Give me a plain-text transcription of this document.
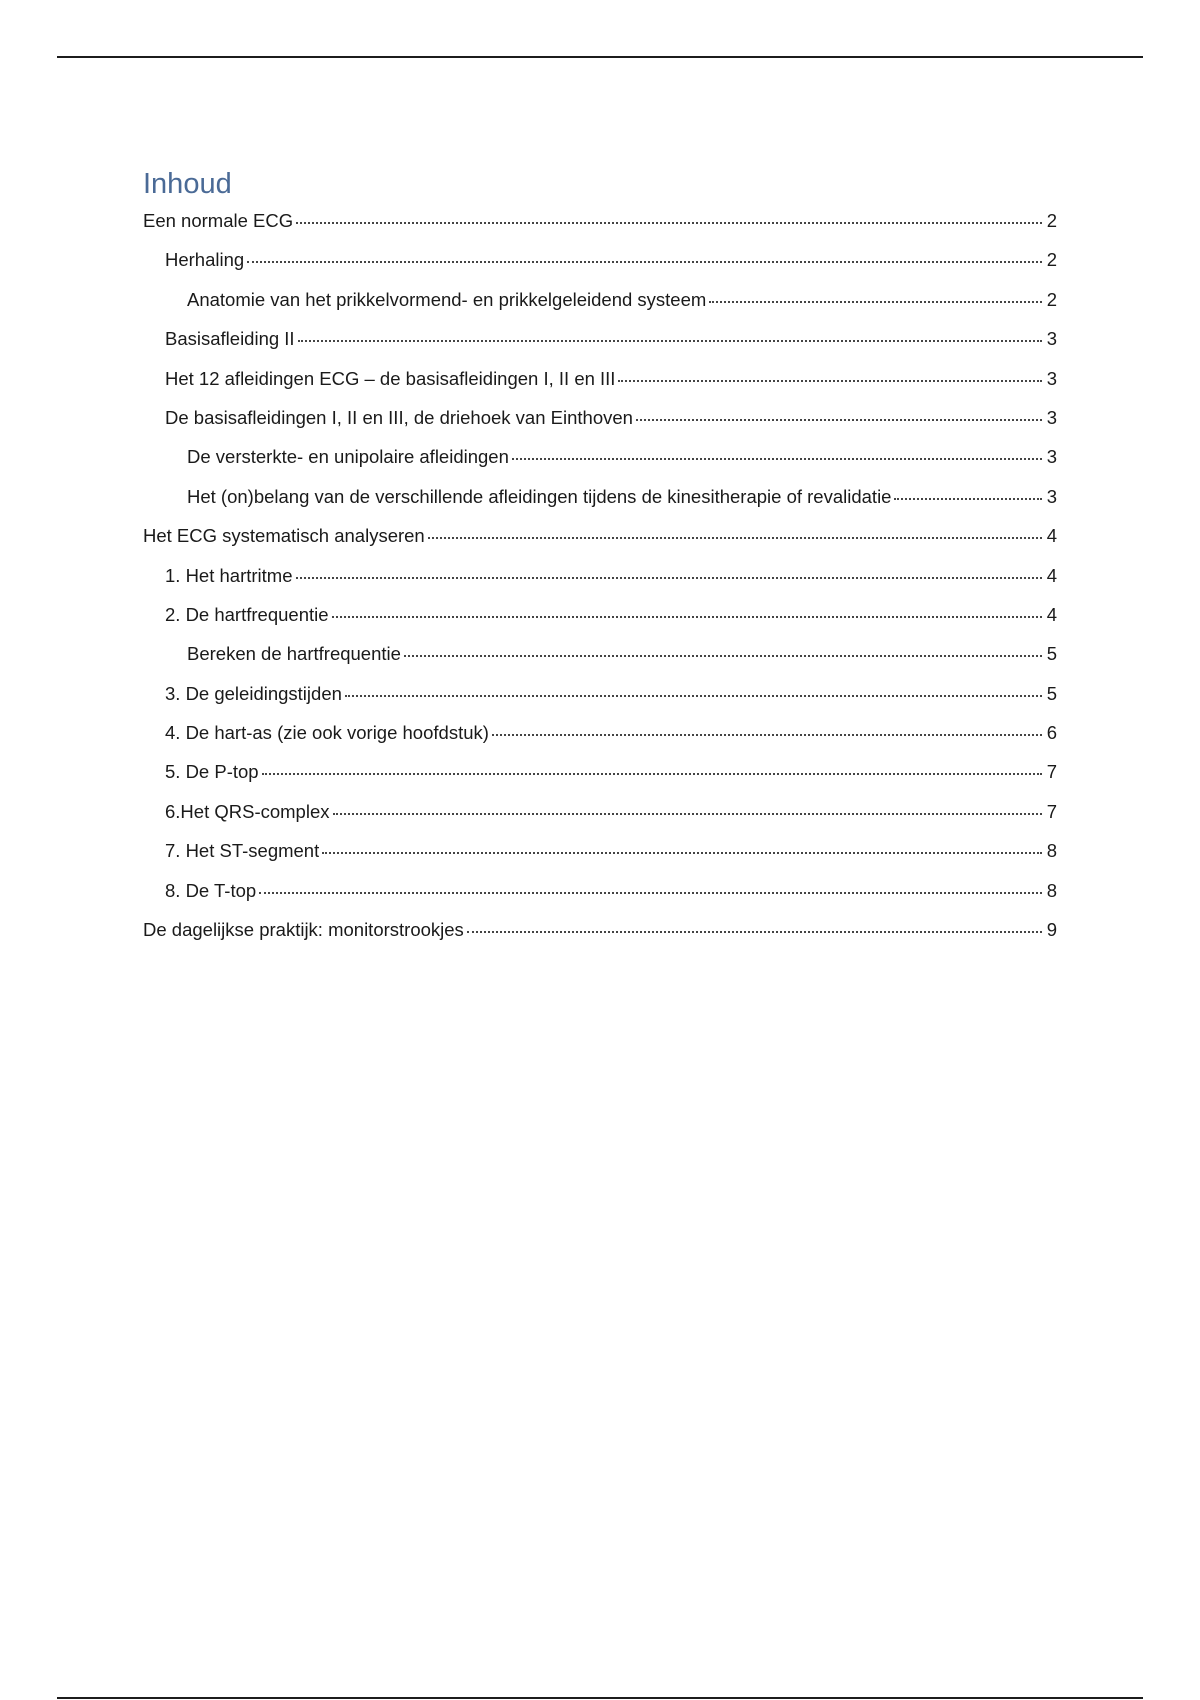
Inhoud
Een normale ECG	2
Herhaling	2
Anatomie van het prikkelvormend- en prikkelgeleidend systeem	2
Basisafleiding II	3
Het 12 afleidingen ECG – de basisafleidingen I, II en III	3
De basisafleidingen I, II en III, de driehoek van Einthoven	3
De versterkte- en unipolaire afleidingen	3
Het (on)belang van de verschillende afleidingen tijdens de kinesitherapie of revalidatie	3
Het ECG systematisch analyseren	4
1. Het hartritme	4
2. De hartfrequentie	4
Bereken de hartfrequentie	5
3. De geleidingstijden	5
4. De hart-as (zie ook vorige hoofdstuk)	6
5. De P-top	7
6.Het QRS-complex	7
7. Het ST-segment	8
8. De T-top	8
De dagelijkse praktijk: monitorstrookjes	9
